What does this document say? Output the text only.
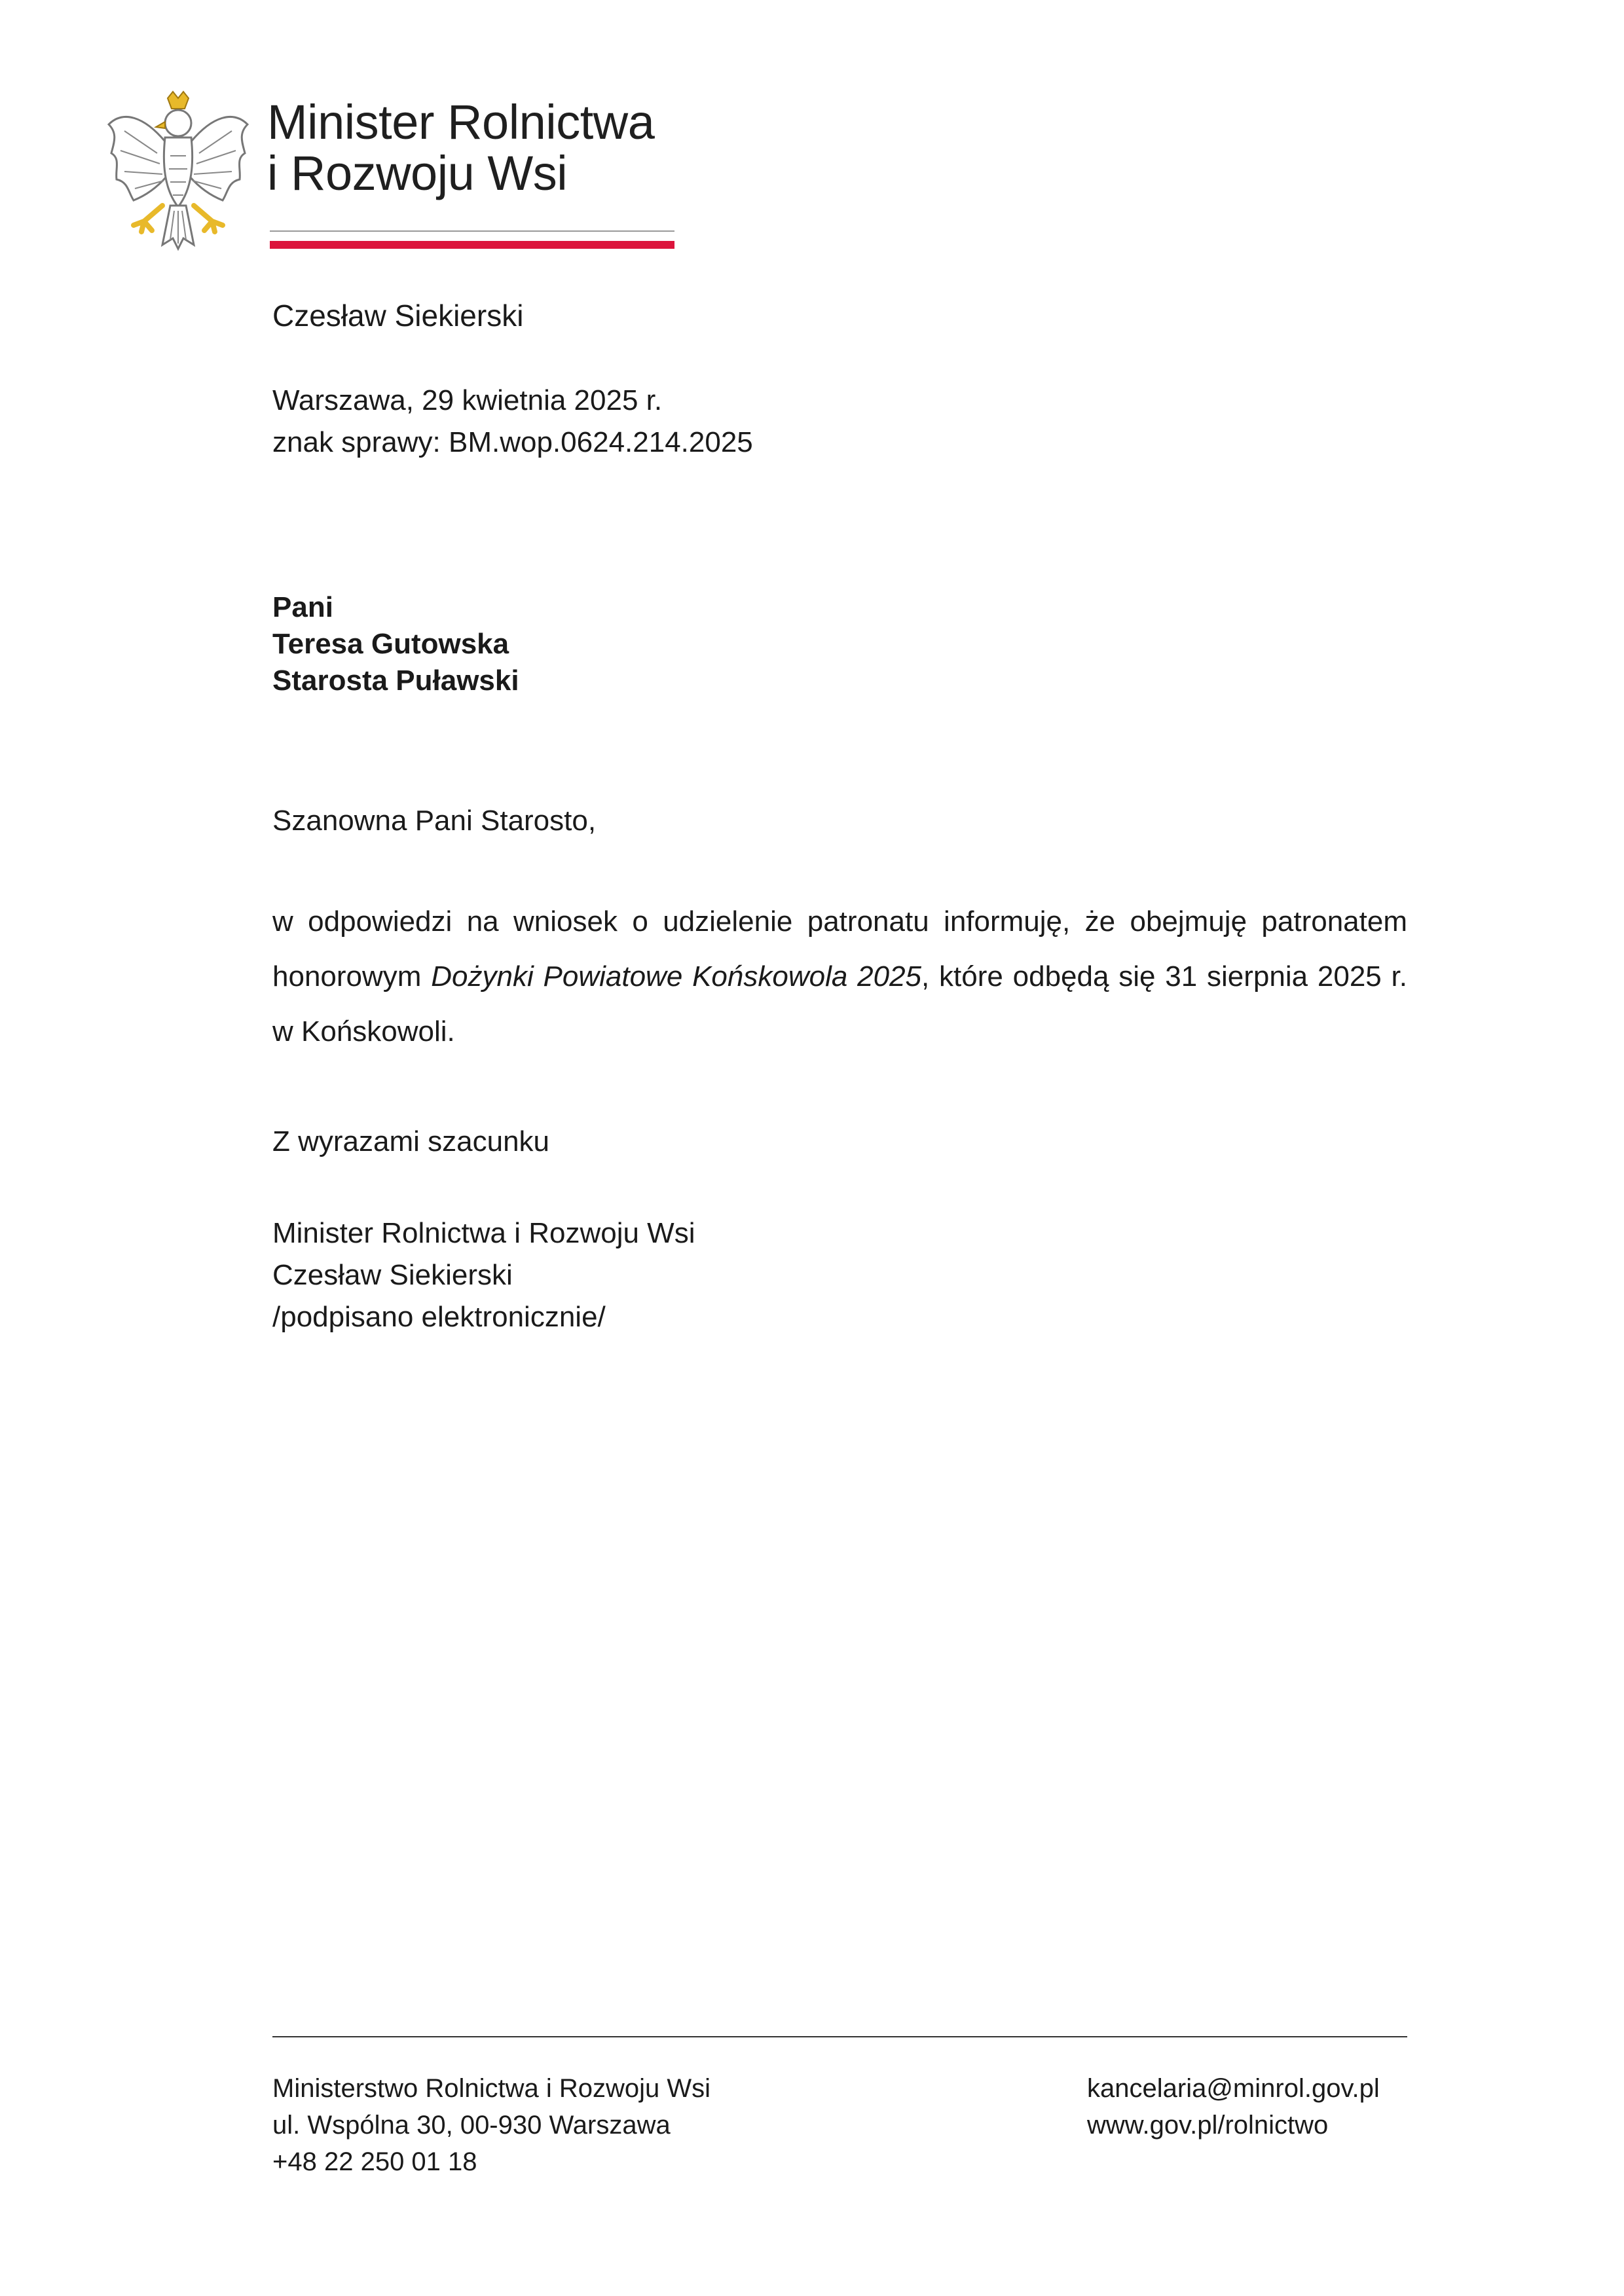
Minister Rolnictwa
i Rozwoju Wsi
Czesław Siekierski
Warszawa, 29 kwietnia 2025 r.
znak sprawy: BM.wop.0624.214.2025
Pani
Teresa Gutowska
Starosta Puławski
Szanowna Pani Starosto,
w odpowiedzi na wniosek o udzielenie patronatu informuję, że obejmuję patronatem honorowym Dożynki Powiatowe Końskowola 2025, które odbędą się 31 sierpnia 2025 r. w Końskowoli.
Z wyrazami szacunku
Minister Rolnictwa i Rozwoju Wsi
Czesław Siekierski
/podpisano elektronicznie/
Ministerstwo Rolnictwa i Rozwoju Wsi
ul. Wspólna 30, 00-930 Warszawa
+48 22 250 01 18
kancelaria@minrol.gov.pl
www.gov.pl/rolnictwo
